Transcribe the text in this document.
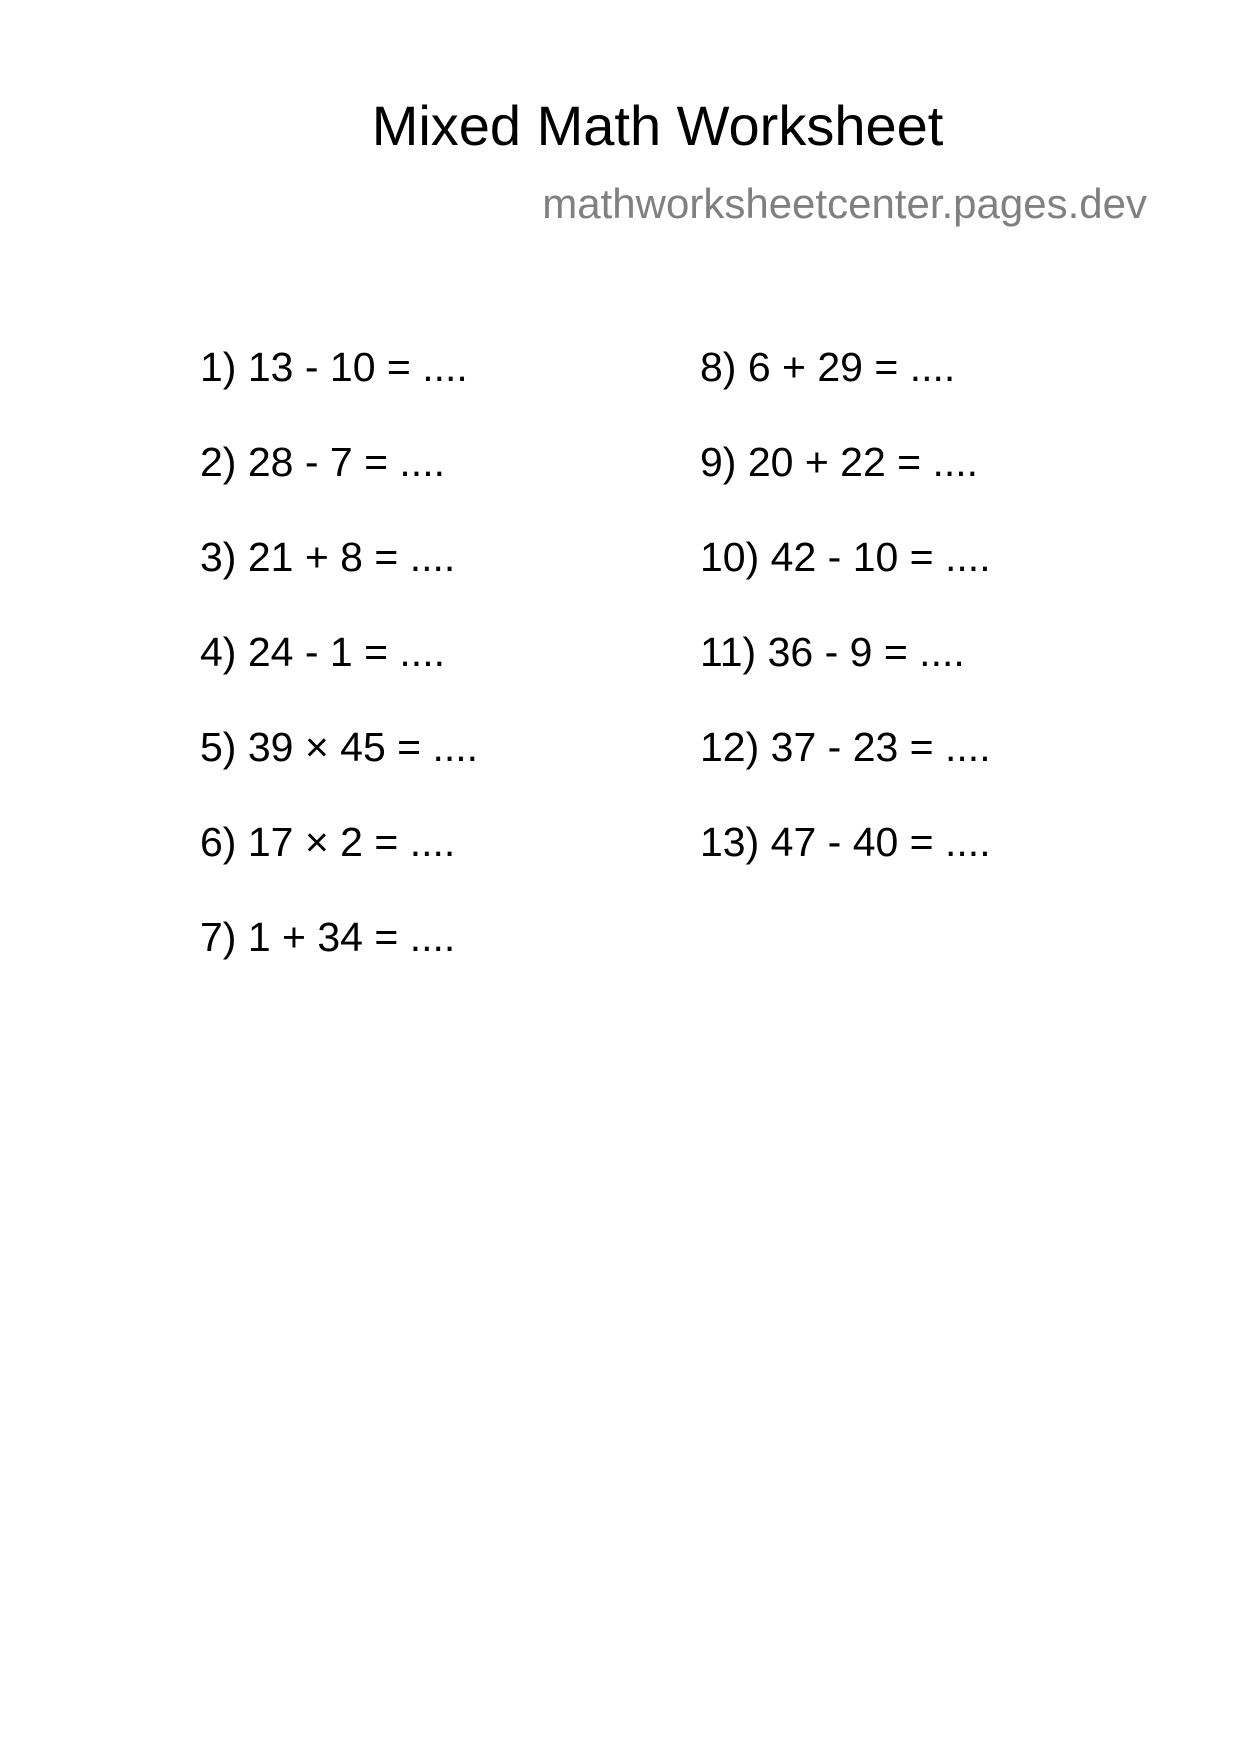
Mixed Math Worksheet
mathworksheetcenter.pages.dev
1) 13 - 10 = ....
2) 28 - 7 = ....
3) 21 + 8 = ....
4) 24 - 1 = ....
5) 39 × 45 = ....
6) 17 × 2 = ....
7) 1 + 34 = ....
8) 6 + 29 = ....
9) 20 + 22 = ....
10) 42 - 10 = ....
11) 36 - 9 = ....
12) 37 - 23 = ....
13) 47 - 40 = ....
